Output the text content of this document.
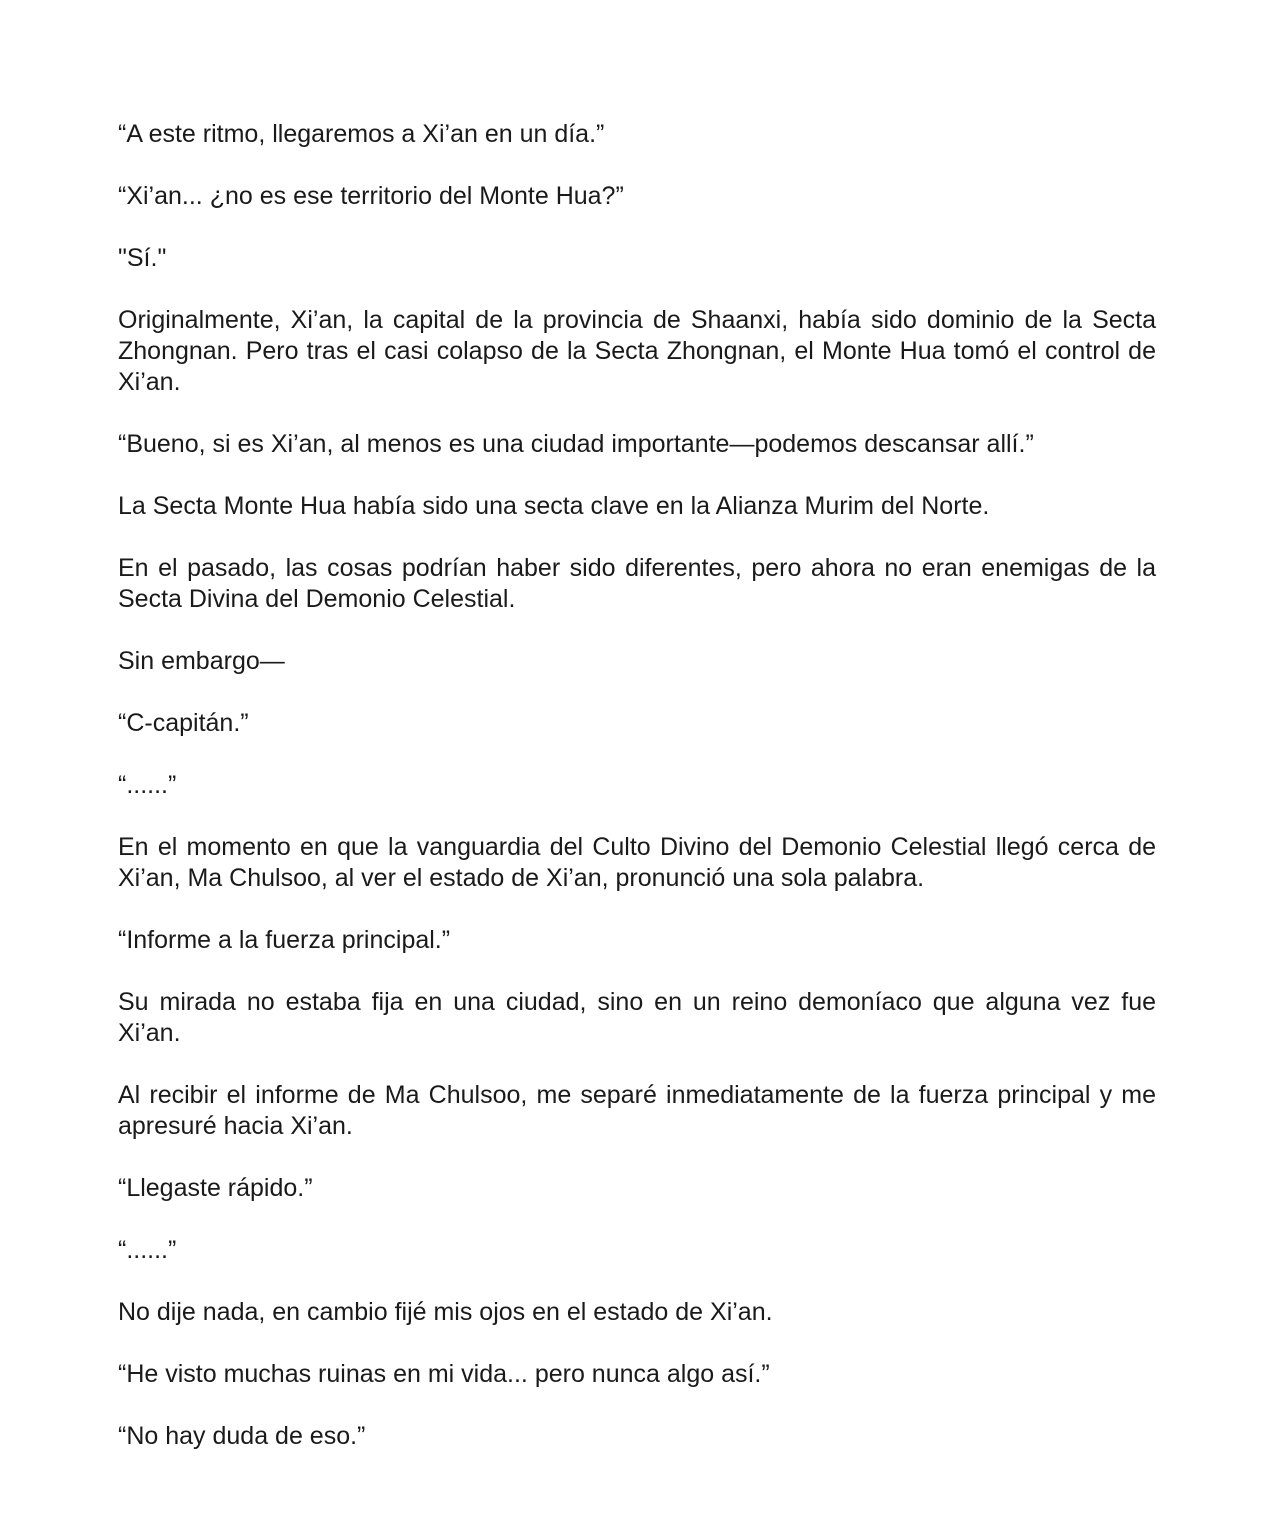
“A este ritmo, llegaremos a Xi’an en un día.”

“Xi’an... ¿no es ese territorio del Monte Hua?”

"Sí."

Originalmente, Xi’an, la capital de la provincia de Shaanxi, había sido dominio de la Secta Zhongnan. Pero tras el casi colapso de la Secta Zhongnan, el Monte Hua tomó el control de Xi’an.

“Bueno, si es Xi’an, al menos es una ciudad importante—podemos descansar allí.”

La Secta Monte Hua había sido una secta clave en la Alianza Murim del Norte.

En el pasado, las cosas podrían haber sido diferentes, pero ahora no eran enemigas de la Secta Divina del Demonio Celestial.

Sin embargo—

“C-capitán.”

“......”

En el momento en que la vanguardia del Culto Divino del Demonio Celestial llegó cerca de Xi’an, Ma Chulsoo, al ver el estado de Xi’an, pronunció una sola palabra.

“Informe a la fuerza principal.”

Su mirada no estaba fija en una ciudad, sino en un reino demoníaco que alguna vez fue Xi’an.

Al recibir el informe de Ma Chulsoo, me separé inmediatamente de la fuerza principal y me apresuré hacia Xi’an.

“Llegaste rápido.”

“......”

No dije nada, en cambio fijé mis ojos en el estado de Xi’an.

“He visto muchas ruinas en mi vida... pero nunca algo así.”

“No hay duda de eso.”
